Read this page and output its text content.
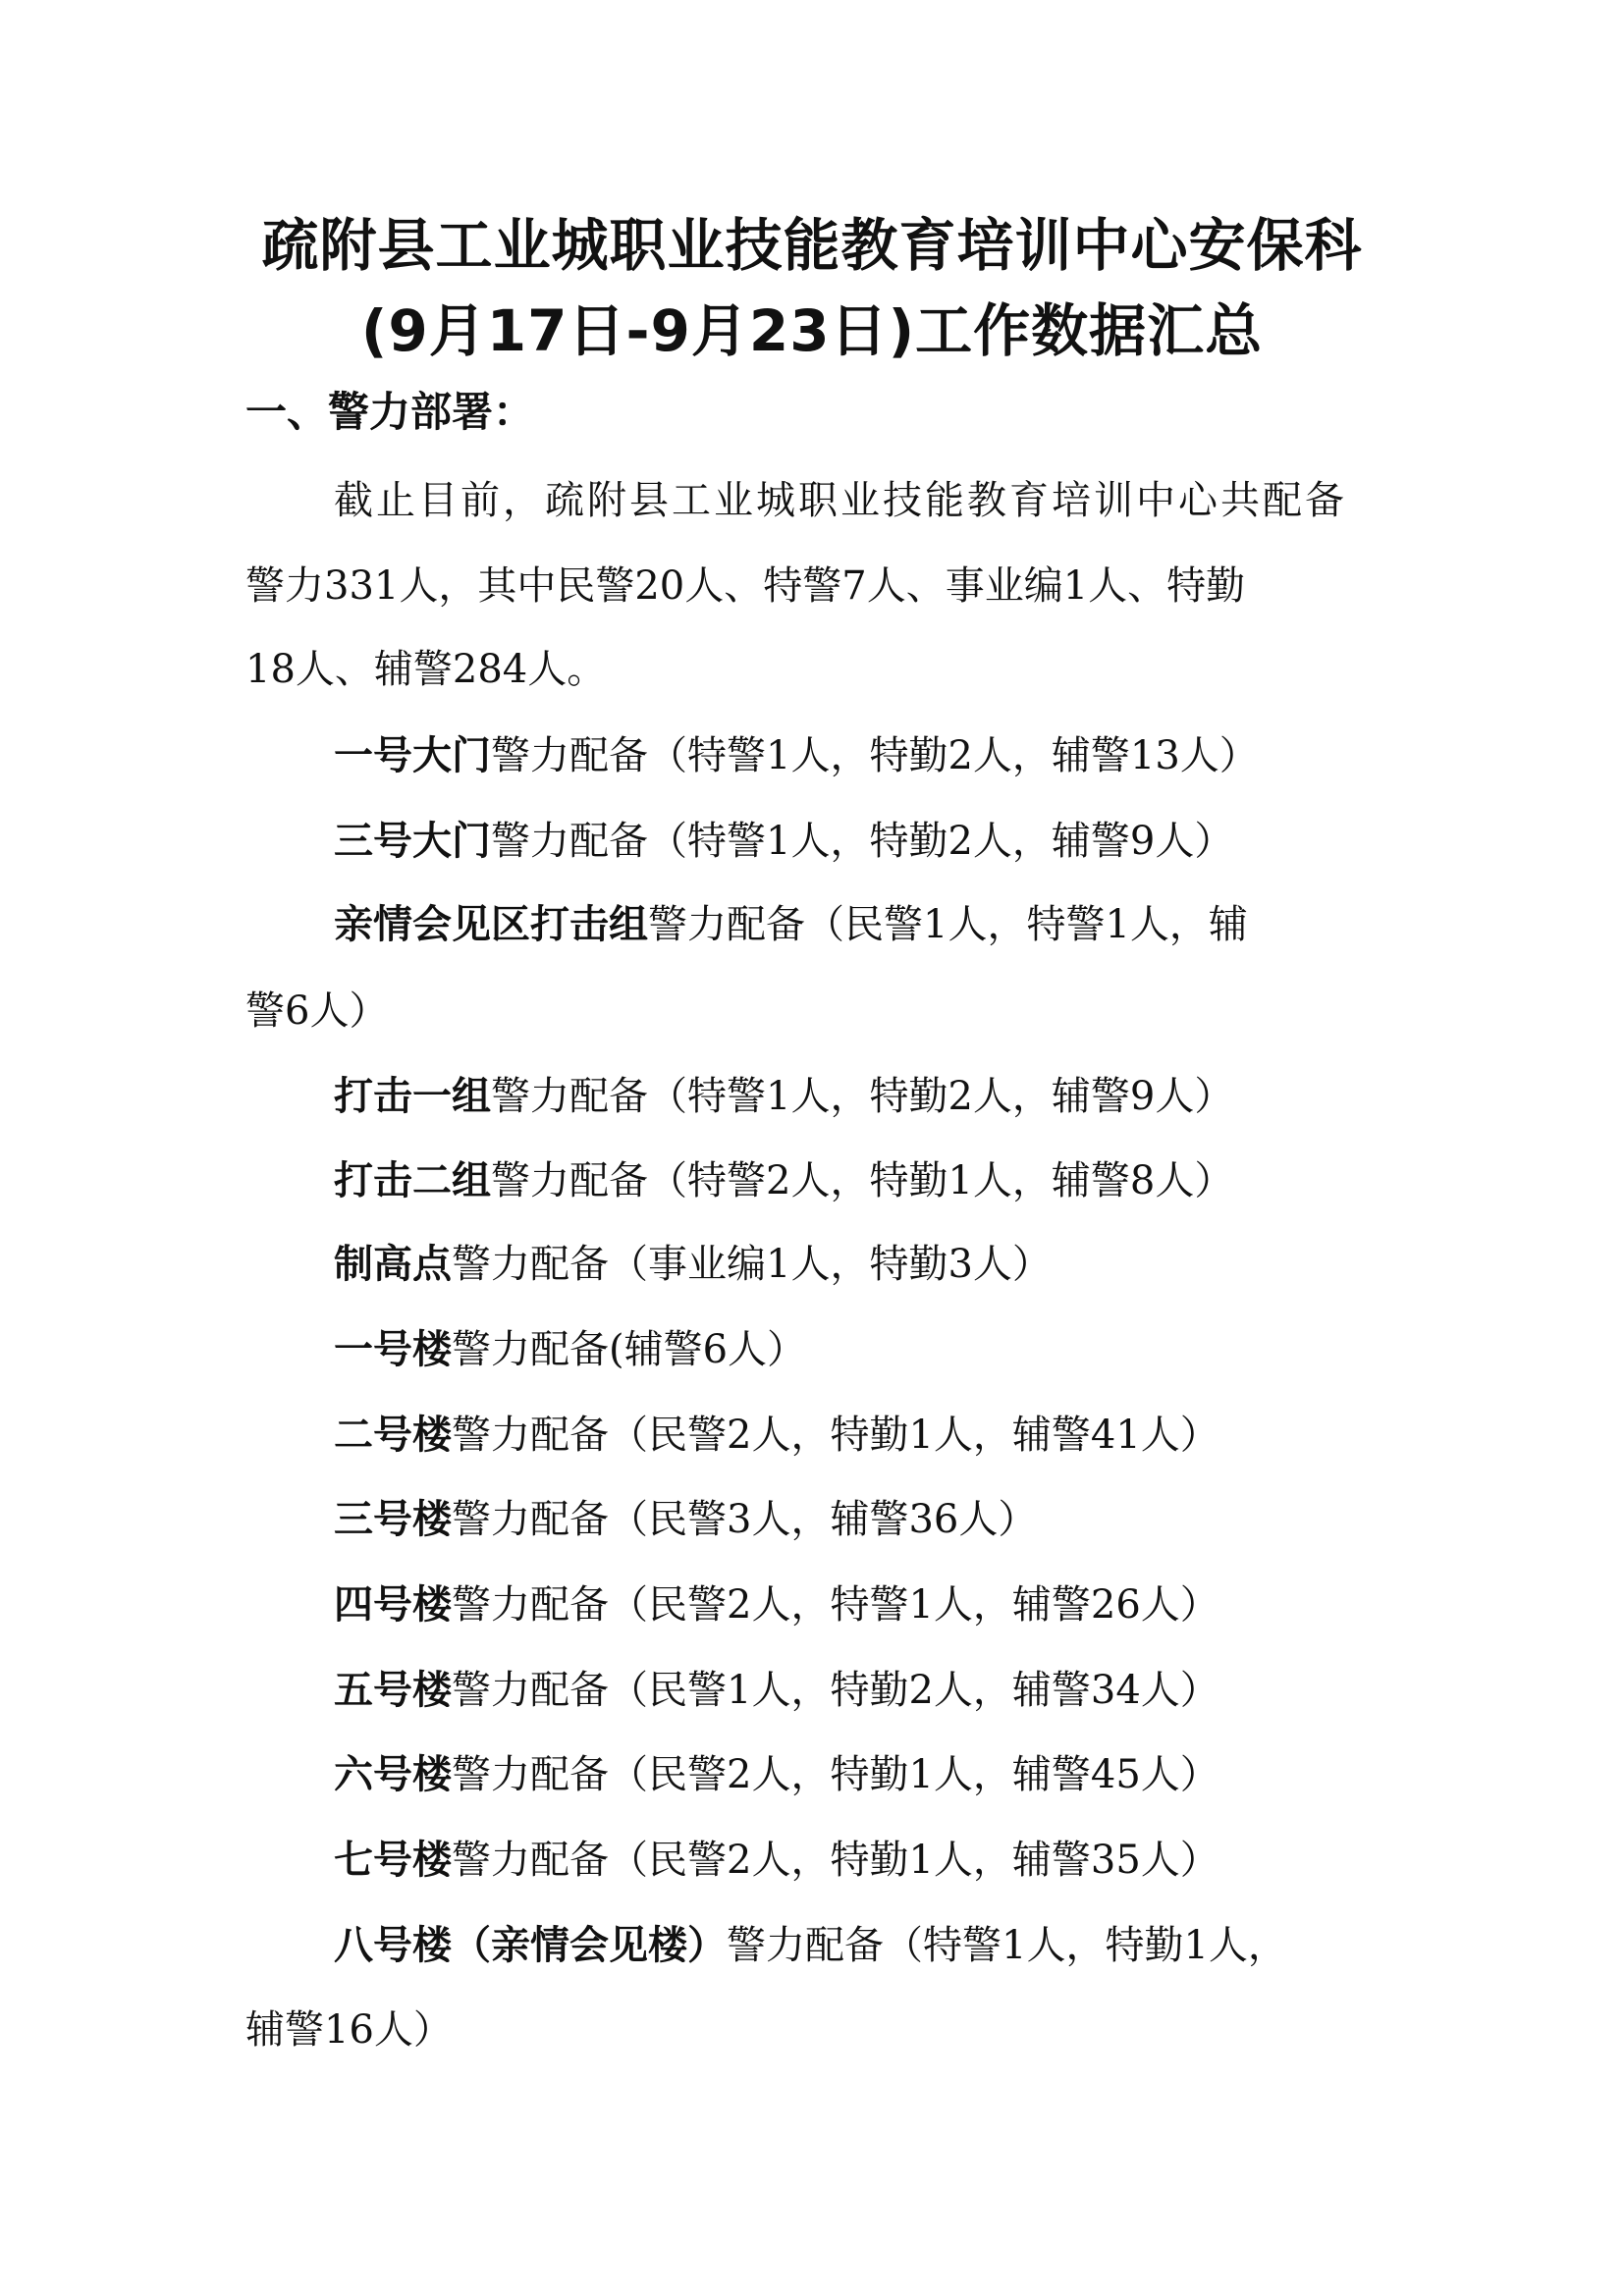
疏附县工业城职业技能教育培训中心安保科
(9月17日-9月23日)工作数据汇总
一、警力部署：
截止目前，疏附县工业城职业技能教育培训中心共配备
警力331人，其中民警20人、特警7人、事业编1人、特勤
18人、辅警284人。
一号大门警力配备（特警1人，特勤2人，辅警13人）
三号大门警力配备（特警1人，特勤2人，辅警9人）
亲情会见区打击组警力配备（民警1人，特警1人，辅
警6人）
打击一组警力配备（特警1人，特勤2人，辅警9人）
打击二组警力配备（特警2人，特勤1人，辅警8人）
制高点警力配备（事业编1人，特勤3人）
一号楼警力配备(辅警6人）
二号楼警力配备（民警2人，特勤1人，辅警41人）
三号楼警力配备（民警3人，辅警36人）
四号楼警力配备（民警2人，特警1人，辅警26人）
五号楼警力配备（民警1人，特勤2人，辅警34人）
六号楼警力配备（民警2人，特勤1人，辅警45人）
七号楼警力配备（民警2人，特勤1人，辅警35人）
八号楼（亲情会见楼）警力配备（特警1人，特勤1人，
辅警16人）
